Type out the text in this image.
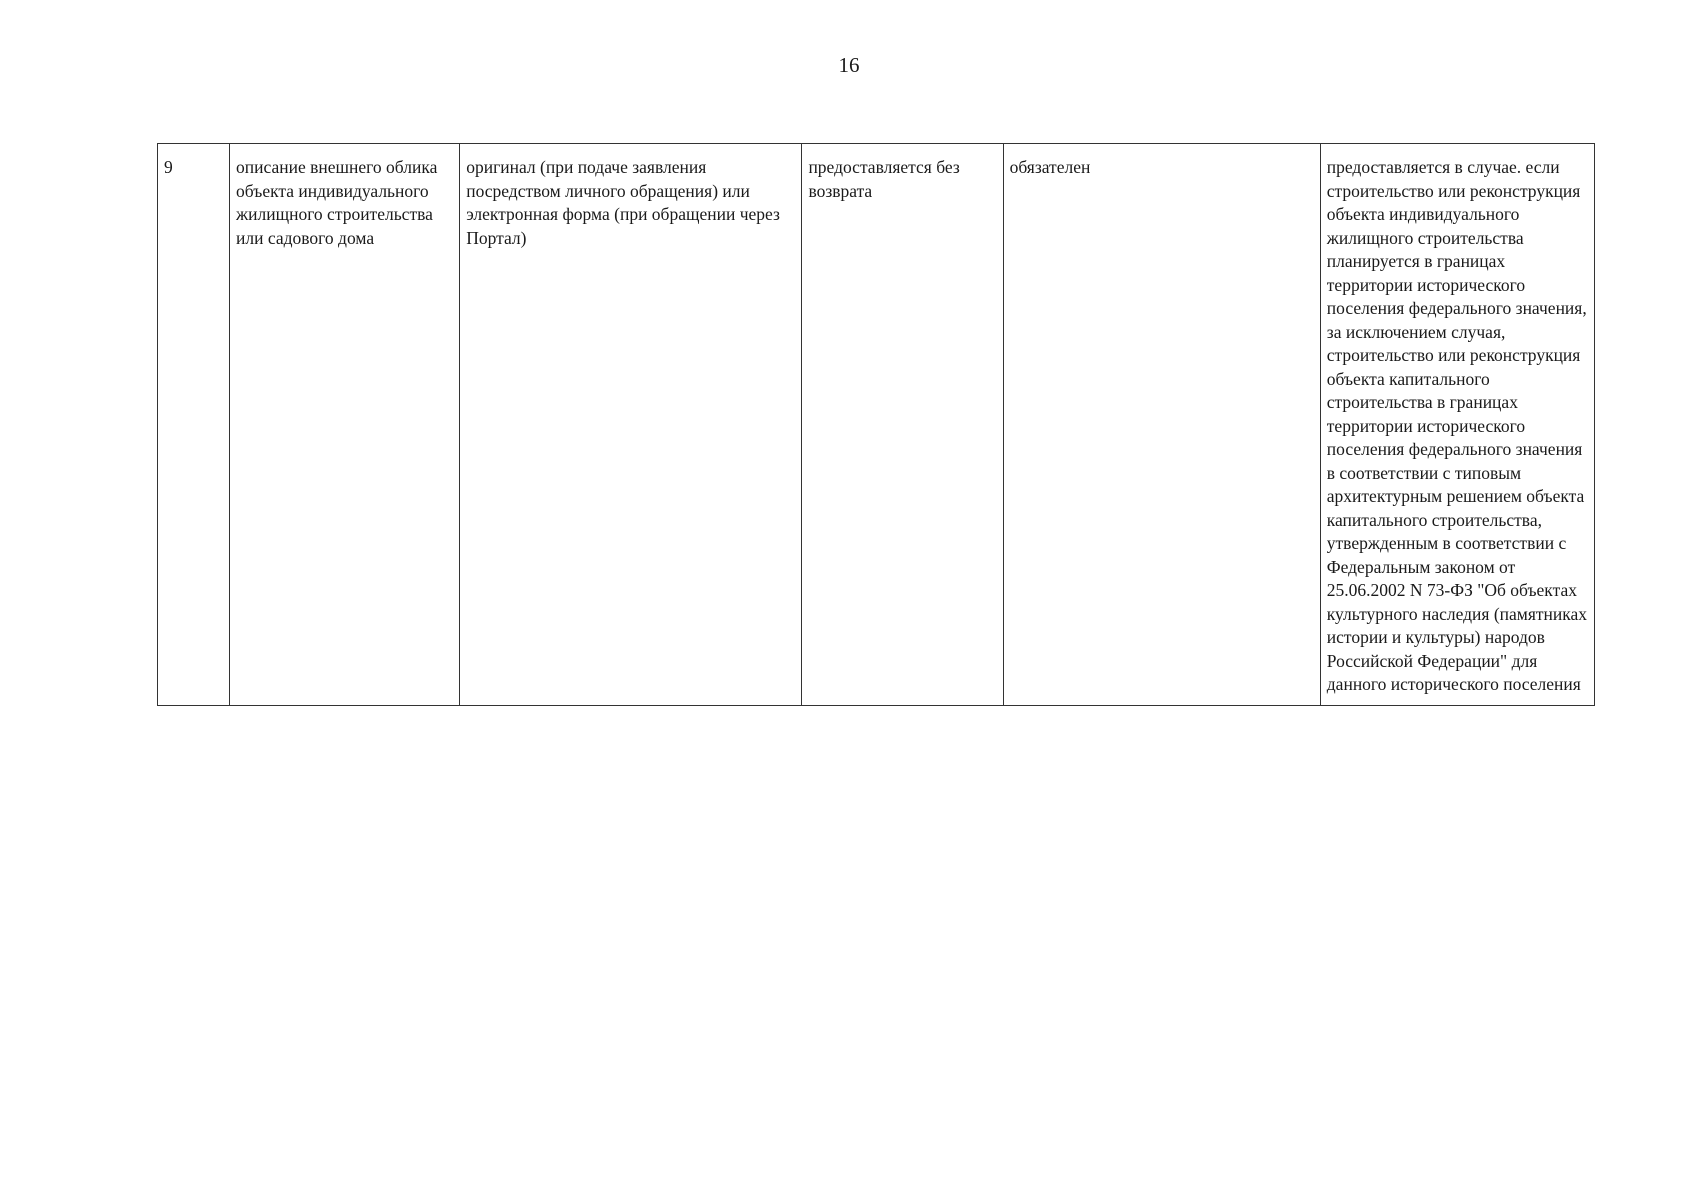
16
9	описание внешнего облика объекта индивидуального жилищного строительства или садового дома	оригинал (при подаче заявления посредством личного обращения) или электронная форма (при обращении через Портал)	предоставляется без возврата	обязателен	предоставляется в случае. если строительство или реконструкция объекта индивидуального жилищного строительства планируется в границах территории исторического поселения федерального значения, за исключением случая, строительство или реконструкция объекта капитального строительства в границах территории исторического поселения федерального значения в соответствии с типовым архитектурным решением объекта капитального строительства, утвержденным в соответствии с Федеральным законом от 25.06.2002 N 73-ФЗ "Об объектах культурного наследия (памятниках истории и культуры) народов Российской Федерации" для данного исторического поселения
